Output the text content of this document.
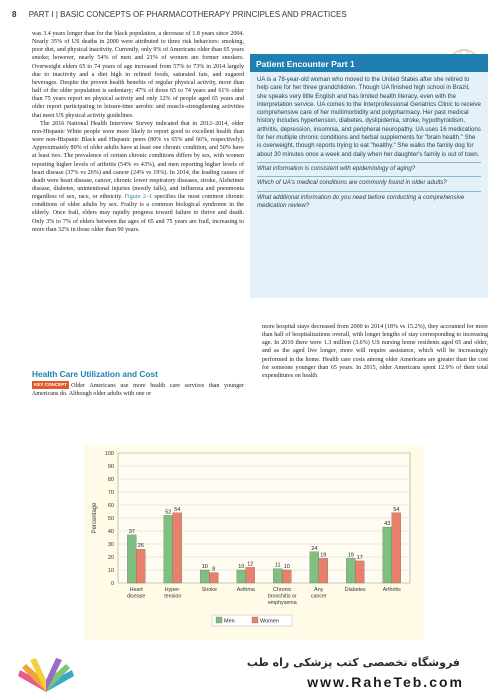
8 PART I | BASIC CONCEPTS OF PHARMACOTHERAPY PRINCIPLES AND PRACTICES

was 3.4 years longer than for the black population, a decrease of 1.8 years since 2004. Nearly 35% of US deaths in 2000 were attributed to three risk behaviors: smoking, poor diet, and physical inactivity. Currently, only 9% of Americans older than 65 years smoke; however, nearly 54% of men and 21% of women are former smokers. Overweight elders 65 to 74 years of age increased from 57% to 73% in 2014 largely due to inactivity and a diet high in refined foods, saturated fats, and sugared beverages. Despite the proven health benefits of regular physical activity, more than half of the older population is sedentary; 47% of those 65 to 74 years and 61% older than 75 years report no physical activity and only 12% of people aged 65 years and older report participating in leisure-time aerobic and muscle-strengthening activities that meet US physical activity guidelines.

The 2016 National Health Interview Survey indicated that in 2012–2014, older non-Hispanic White people were more likely to report good to excellent health than were non-Hispanic Black and Hispanic peers (80% vs 65% and 66%, respectively). Approximately 80% of older adults have at least one chronic condition, and 50% have at least two. The prevalence of certain chronic conditions differs by sex, with women reporting higher levels of arthritis (54% vs 43%), and men reporting higher levels of heart disease (37% vs 26%) and cancer (24% vs 19%). In 2014, the leading causes of death were heart disease, cancer, chronic lower respiratory diseases, stroke, Alzheimer disease, diabetes, unintentional injuries (mostly falls), and influenza and pneumonia regardless of sex, race, or ethnicity. Figure 2–1 specifies the most common chronic conditions of older adults by sex. Frailty is a common biological syndrome in the elderly. Once frail, elders may rapidly progress toward failure to thrive and death. Only 3% to 7% of elders between the ages of 65 and 75 years are frail, increasing to more than 32% in those older than 90 years.

Patient Encounter Part 1
UA is a 78-year-old woman who moved to the United States after she retired to help care for her three grandchildren. Though UA finished high school in Brazil, she speaks very little English and has limited health literacy, even with the interpretation service. UA comes to the Interprofessional Geriatrics Clinic to receive comprehensive care of her multimorbidity and polypharmacy. Her past medical history includes hypertension, diabetes, dyslipidemia, stroke, hypothyroidism, arthritis, depression, insomnia, and peripheral neuropathy. UA uses 16 medications for her multiple chronic conditions and herbal supplements for "brain health." She is overweight, though reports trying to eat "healthy." She walks the family dog for about 30 minutes once a week and daily when her daughter's family is out of town.
What information is consistent with epidemiology of aging?
Which of UA's medical conditions are commonly found in older adults?
What additional information do you need before conducting a comprehensive medication review?
Health Care Utilization and Cost

KEY CONCEPT Older Americans use more health care services than younger Americans do. Although older adults with one or

more hospital stays decreased from 2000 to 2014 (18% vs 15.2%), they accounted for more than half of hospitalizations overall, with longer lengths of stay corresponding to increasing age. In 2010 there were 1.3 million (3.6%) US nursing home residents aged 65 and older, and as the aged live longer, more will require assistance, which will be increasingly performed in the home. Health care costs among older Americans are greater than the cost for someone younger than 65 years. In 2015, older Americans spent 12.9% of their total expenditures on health

0
10
20
30
40
50
60
70
80
90
100
Percentage	37
26
Heart
disease
52 54
Hyper-
tension
10 8
Stroke
10 12
Asthma
11 10
Chronic
bronchitis or
emphysema
24
19
Any
cancer
19 17
Diabetes
43
54
Arthritis
Men	Women
فروشگاه تخصصی کتب پزشکی راه طب
www.RaheTeb.com
